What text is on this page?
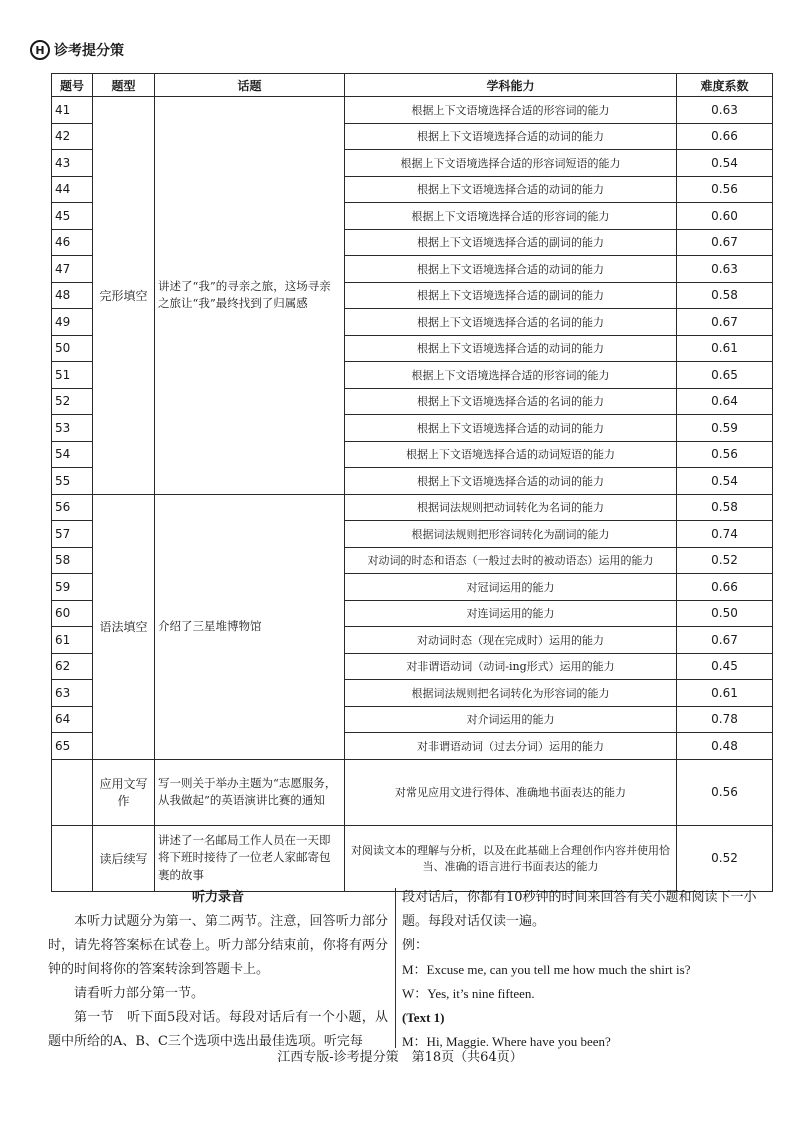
H 诊考提分策
题号	题型	话题	学科能力	难度系数
41	完形填空	讲述了“我”的寻亲之旅，这场寻亲之旅让“我”最终找到了归属感	根据上下文语境选择合适的形容词的能力	0.63
42			根据上下文语境选择合适的动词的能力	0.66
43			根据上下文语境选择合适的形容词短语的能力	0.54
44			根据上下文语境选择合适的动词的能力	0.56
45			根据上下文语境选择合适的形容词的能力	0.60
46			根据上下文语境选择合适的副词的能力	0.67
47			根据上下文语境选择合适的动词的能力	0.63
48			根据上下文语境选择合适的副词的能力	0.58
49			根据上下文语境选择合适的名词的能力	0.67
50			根据上下文语境选择合适的动词的能力	0.61
51			根据上下文语境选择合适的形容词的能力	0.65
52			根据上下文语境选择合适的名词的能力	0.64
53			根据上下文语境选择合适的动词的能力	0.59
54			根据上下文语境选择合适的动词短语的能力	0.56
55			根据上下文语境选择合适的动词的能力	0.54
56	语法填空	介绍了三星堆博物馆	根据词法规则把动词转化为名词的能力	0.58
57			根据词法规则把形容词转化为副词的能力	0.74
58			对动词的时态和语态（一般过去时的被动语态）运用的能力	0.52
59			对冠词运用的能力	0.66
60			对连词运用的能力	0.50
61			对动词时态（现在完成时）运用的能力	0.67
62			对非谓语动词（动词-ing形式）运用的能力	0.45
63			根据词法规则把名词转化为形容词的能力	0.61
64			对介词运用的能力	0.78
65			对非谓语动词（过去分词）运用的能力	0.48
	应用文写作	写一则关于举办主题为“志愿服务，从我做起”的英语演讲比赛的通知	对常见应用文进行得体、准确地书面表达的能力	0.56
	读后续写	讲述了一名邮局工作人员在一天即将下班时接待了一位老人家邮寄包裹的故事	对阅读文本的理解与分析，以及在此基础上合理创作内容并使用恰当、准确的语言进行书面表达的能力	0.52
听力录音

本听力试题分为第一、第二两节。注意，回答听力部分时，请先将答案标在试卷上。听力部分结束前，你将有两分钟的时间将你的答案转涂到答题卡上。

请看听力部分第一节。

第一节　听下面5段对话。每段对话后有一个小题，从题中所给的A、B、C三个选项中选出最佳选项。听完每

段对话后，你都有10秒钟的时间来回答有关小题和阅读下一小题。每段对话仅读一遍。

例：

M：Excuse me, can you tell me how much the shirt is?

W：Yes, it’s nine fifteen.

(Text 1)

M：Hi, Maggie. Where have you been?

江西专版-诊考提分策　第18页（共64页）
